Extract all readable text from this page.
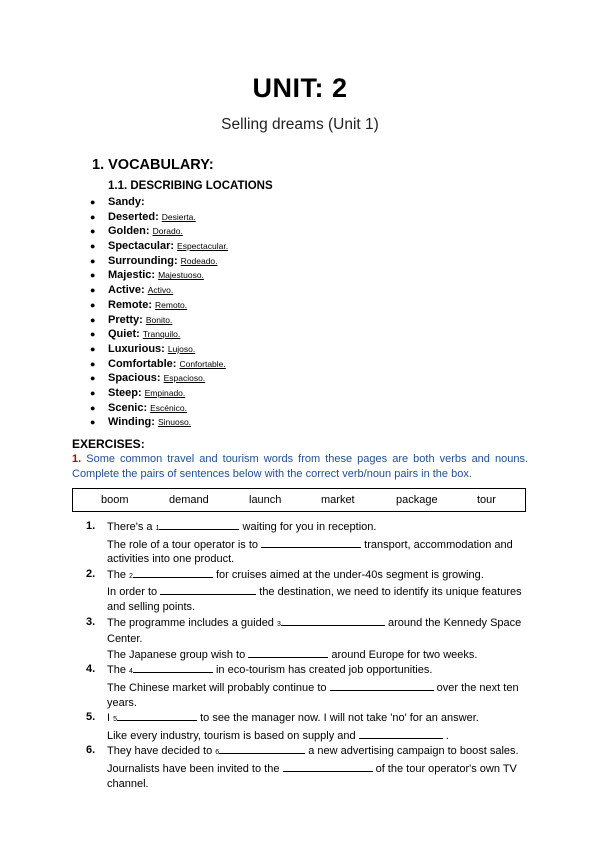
UNIT: 2
Selling dreams (Unit 1)
1. VOCABULARY:
1.1. DESCRIBING LOCATIONS
● Sandy:
● Deserted: Desierta.
● Golden: Dorado.
● Spectacular: Espectacular.
● Surrounding: Rodeado.
● Majestic: Majestuoso.
● Active: Activo.
● Remote: Remoto.
● Pretty: Bonito.
● Quiet: Tranquilo.
● Luxurious: Lujoso.
● Comfortable: Confortable.
● Spacious: Espacioso.
● Steep: Empinado.
● Scenic: Escénico.
● Winding: Sinuoso.
EXERCISES:
1. Some common travel and tourism words from these pages are both verbs and nouns. Complete the pairs of sentences below with the correct verb/noun pairs in the box.
boom	demand	launch	market	package	tour
1. There's a 1	waiting for you in reception.

The role of a tour operator is to	transport, accommodation and activities into one product.

2. The 2	for cruises aimed at the under-40s segment is growing.

In order to	the destination, we need to identify its unique features and selling points.

3. The programme includes a guided 3	around the Kennedy Space Center.

The Japanese group wish to	around Europe for two weeks.

4. The 4	in eco-tourism has created job opportunities.

The Chinese market will probably continue to	over the next ten years.

5. I 5	to see the manager now. I will not take 'no' for an answer.

Like every industry, tourism is based on supply and	.

6. They have decided to 6	a new advertising campaign to boost sales.

Journalists have been invited to the	of the tour operator's own TV channel.
